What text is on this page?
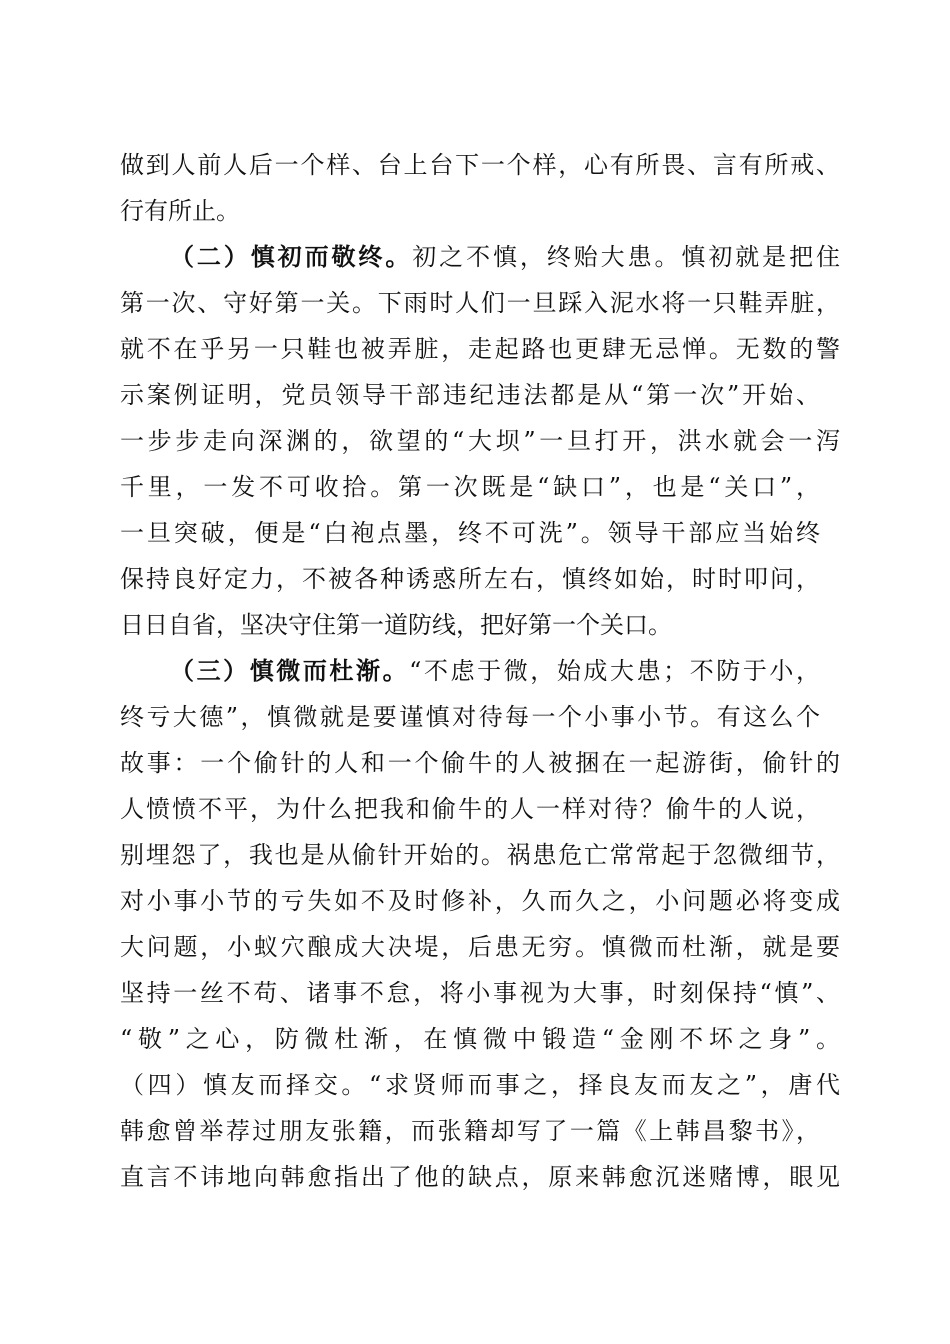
做到人前人后一个样、台上台下一个样，心有所畏、言有所戒、
行有所止。
（二）慎初而敬终。初之不慎，终贻大患。慎初就是把住
第一次、守好第一关。下雨时人们一旦踩入泥水将一只鞋弄脏，
就不在乎另一只鞋也被弄脏，走起路也更肆无忌惮。无数的警
示案例证明，党员领导干部违纪违法都是从“第一次”开始、
一步步走向深渊的，欲望的“大坝”一旦打开，洪水就会一泻
千里，一发不可收拾。第一次既是“缺口”，也是“关口”，
一旦突破，便是“白袍点墨，终不可洗”。领导干部应当始终
保持良好定力，不被各种诱惑所左右，慎终如始，时时叩问，
日日自省，坚决守住第一道防线，把好第一个关口。
（三）慎微而杜渐。“不虑于微，始成大患；不防于小，
终亏大德”，慎微就是要谨慎对待每一个小事小节。有这么个
故事：一个偷针的人和一个偷牛的人被捆在一起游街，偷针的
人愤愤不平，为什么把我和偷牛的人一样对待？偷牛的人说，
别埋怨了，我也是从偷针开始的。祸患危亡常常起于忽微细节，
对小事小节的亏失如不及时修补，久而久之，小问题必将变成
大问题，小蚁穴酿成大决堤，后患无穷。慎微而杜渐，就是要
坚持一丝不苟、诸事不怠，将小事视为大事，时刻保持“慎”、
“敬”之心，防微杜渐，在慎微中锻造“金刚不坏之身”。
（四）慎友而择交。“求贤师而事之，择良友而友之”，唐代
韩愈曾举荐过朋友张籍，而张籍却写了一篇《上韩昌黎书》，
直言不讳地向韩愈指出了他的缺点，原来韩愈沉迷赌博，眼见
